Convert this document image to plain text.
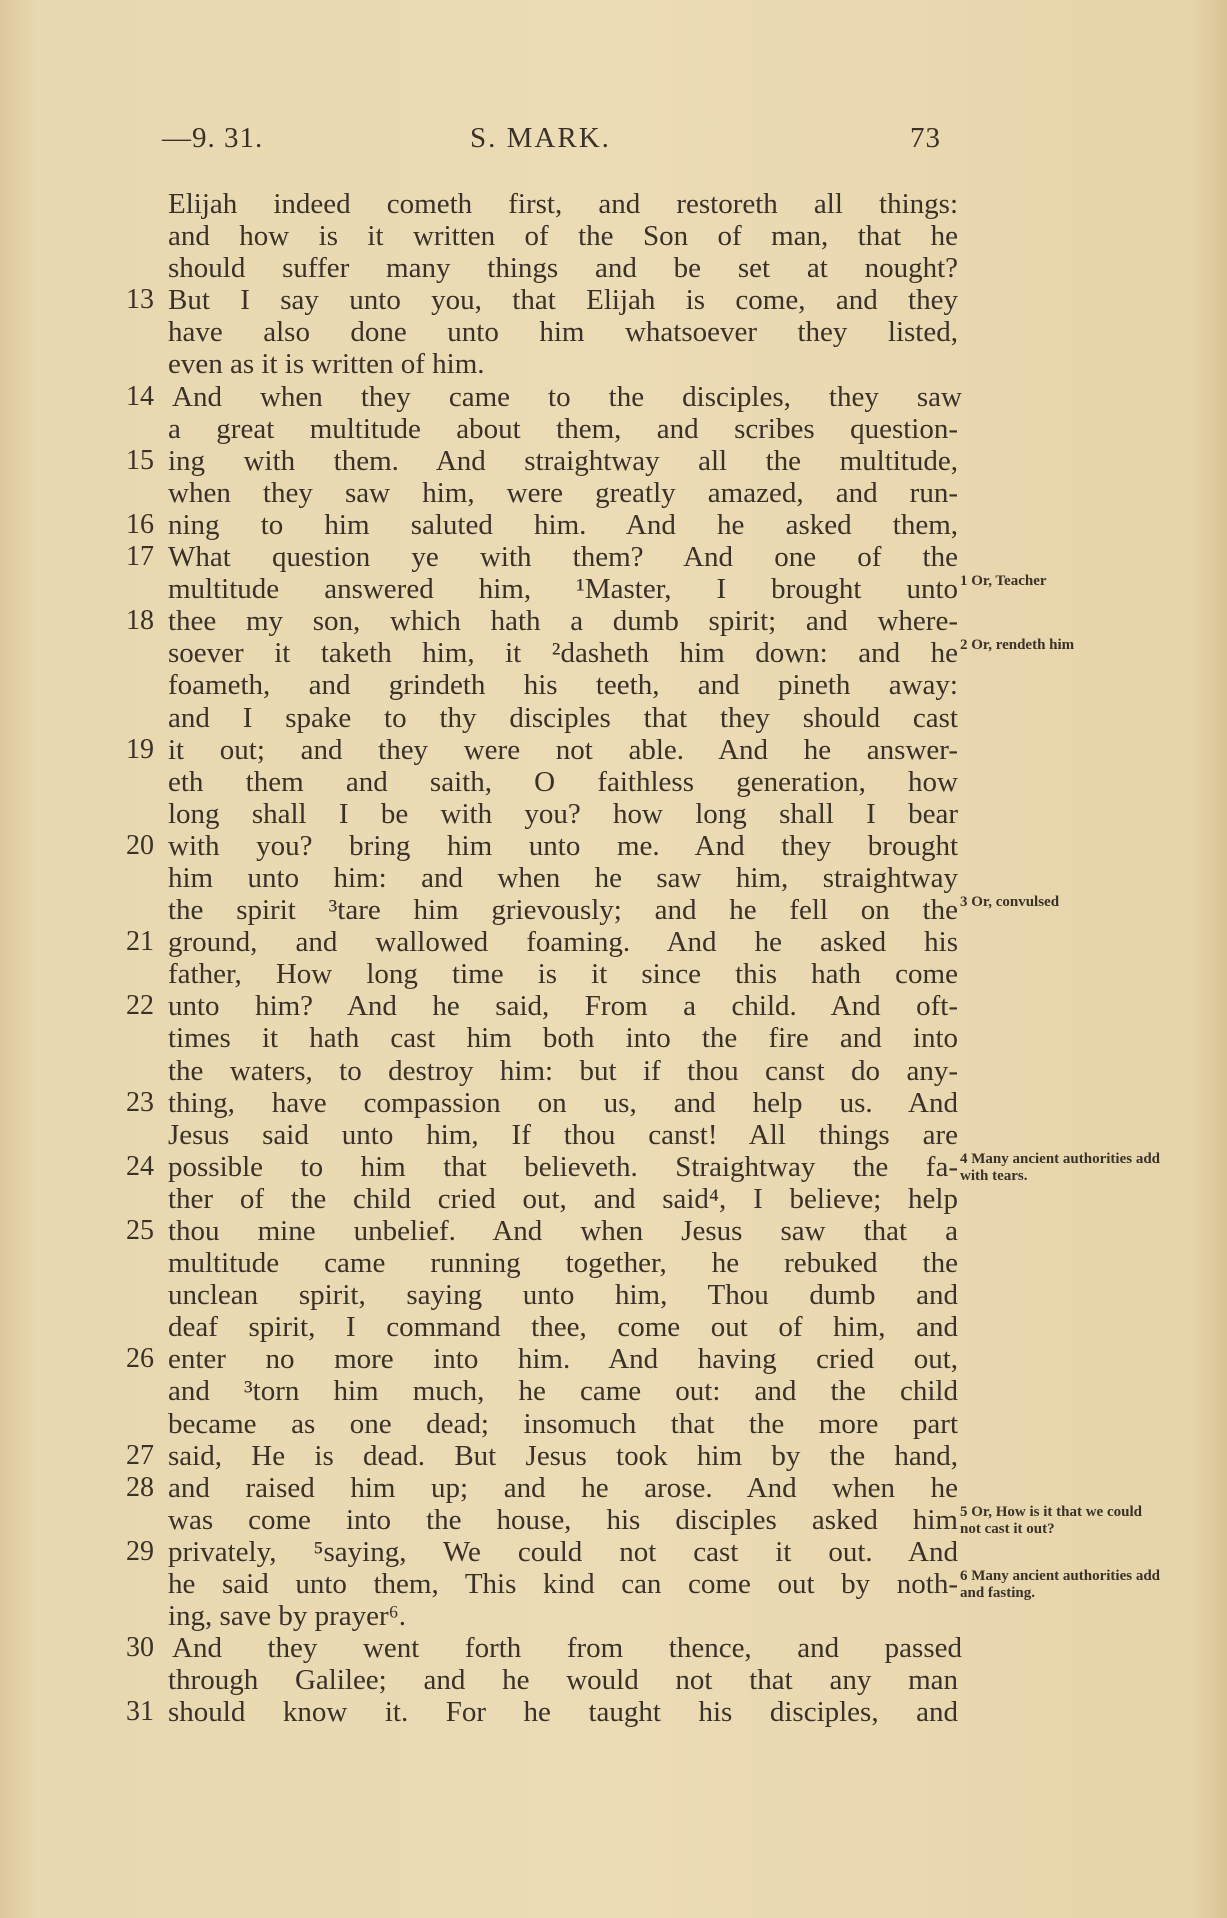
—9. 31.	S. MARK.	73
Elijah indeed cometh first, and restoreth all things:
and how is it written of the Son of man, that he
should suffer many things and be set at nought?
13 But I say unto you, that Elijah is come, and they
have also done unto him whatsoever they listed,
even as it is written of him.
14 And when they came to the disciples, they saw
a great multitude about them, and scribes question-
15 ing with them. And straightway all the multitude,
when they saw him, were greatly amazed, and run-
16 ning to him saluted him. And he asked them,
17 What question ye with them? And one of the
multitude answered him, ¹Master, I brought unto 1 Or, Teacher
18 thee my son, which hath a dumb spirit; and where-
soever it taketh him, it ²dasheth him down: and he 2 Or, rendeth him
foameth, and grindeth his teeth, and pineth away:
and I spake to thy disciples that they should cast
19 it out; and they were not able. And he answer-
eth them and saith, O faithless generation, how
long shall I be with you? how long shall I bear
20 with you? bring him unto me. And they brought
him unto him: and when he saw him, straightway
the spirit ³tare him grievously; and he fell on the 3 Or, convulsed
21 ground, and wallowed foaming. And he asked his
father, How long time is it since this hath come
22 unto him? And he said, From a child. And oft-
times it hath cast him both into the fire and into
the waters, to destroy him: but if thou canst do any-
23 thing, have compassion on us, and help us. And
Jesus said unto him, If thou canst! All things are
24 possible to him that believeth. Straightway the fa- 4 Many ancient authorities add with tears.
ther of the child cried out, and said⁴, I believe; help
25 thou mine unbelief. And when Jesus saw that a
multitude came running together, he rebuked the
unclean spirit, saying unto him, Thou dumb and
deaf spirit, I command thee, come out of him, and
26 enter no more into him. And having cried out,
and ³torn him much, he came out: and the child
became as one dead; insomuch that the more part
27 said, He is dead. But Jesus took him by the hand,
28 and raised him up; and he arose. And when he
was come into the house, his disciples asked him 5 Or, How is it that we could not cast it out?
29 privately, ⁵saying, We could not cast it out. And
he said unto them, This kind can come out by noth- 6 Many ancient authorities add and fasting.
ing, save by prayer⁶.
30 And they went forth from thence, and passed
through Galilee; and he would not that any man
31 should know it. For he taught his disciples, and
